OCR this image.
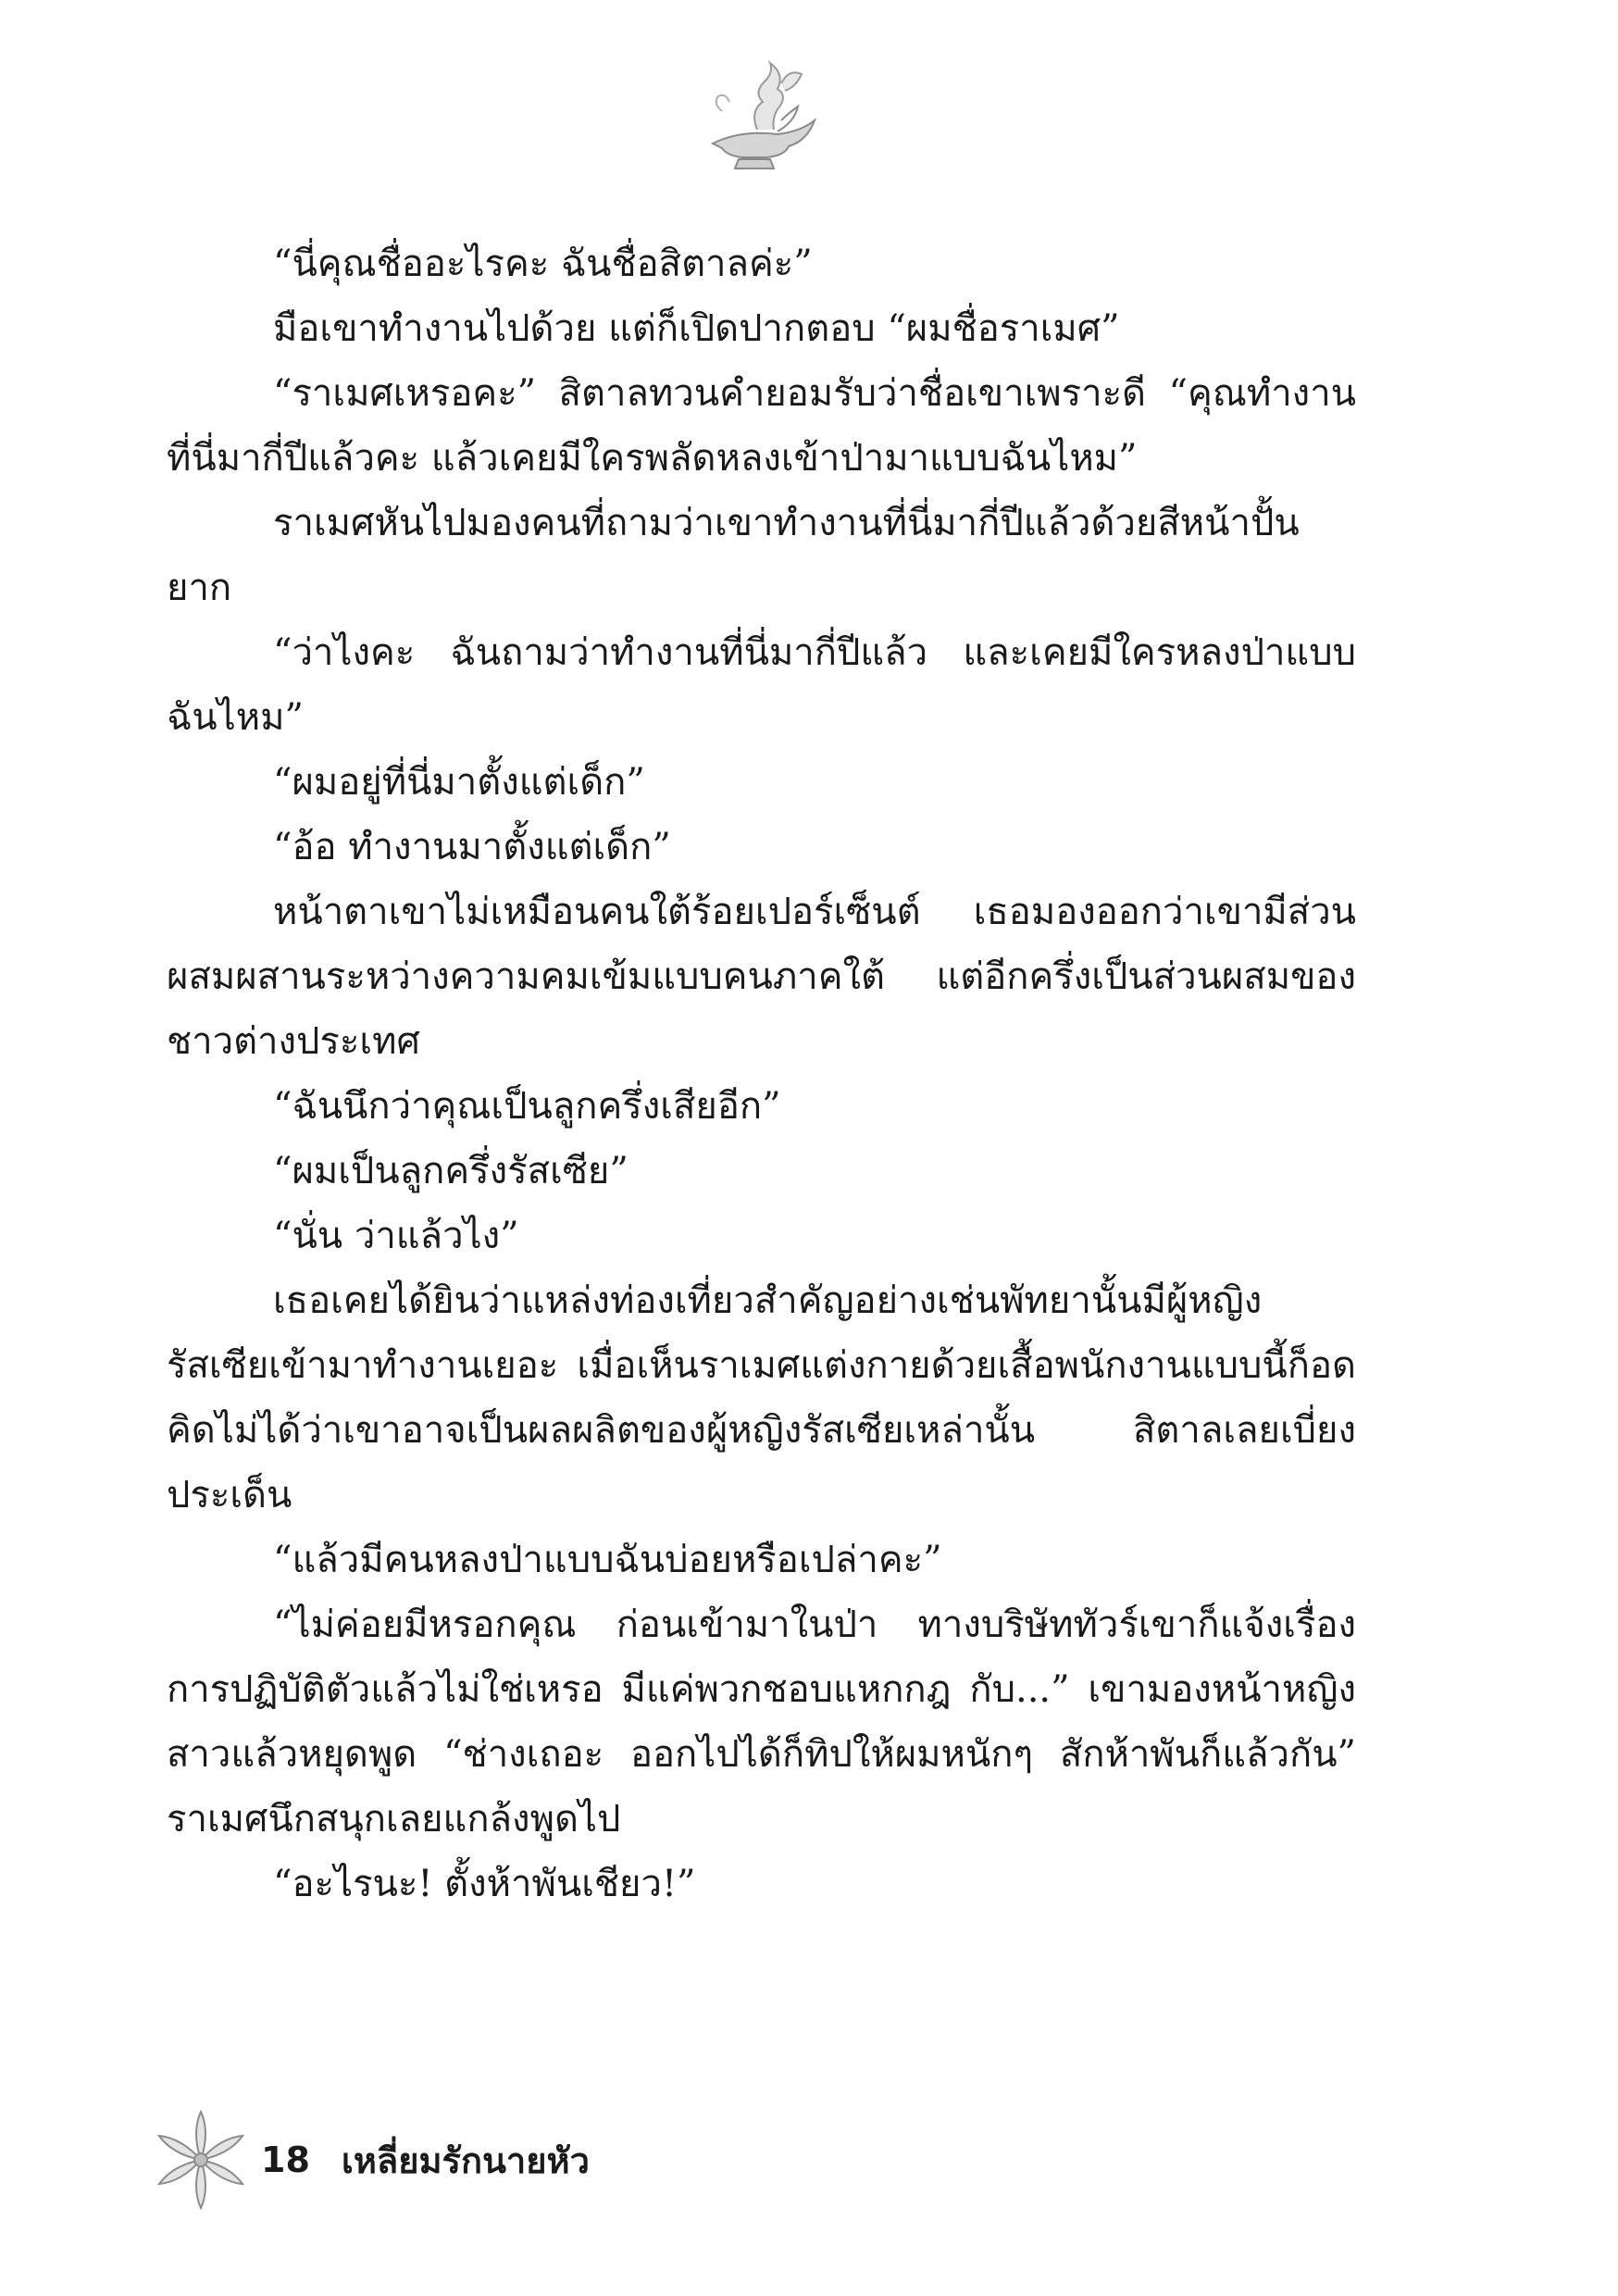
“นี่คุณชื่ออะไรคะ ฉันชื่อสิตาลค่ะ”

มือเขาทำงานไปด้วย แต่ก็เปิดปากตอบ “ผมชื่อราเมศ”

“ราเมศเหรอคะ” สิตาลทวนคำยอมรับว่าชื่อเขาเพราะดี “คุณทำงานที่นี่มากี่ปีแล้วคะ แล้วเคยมีใครพลัดหลงเข้าป่ามาแบบฉันไหม”

ราเมศหันไปมองคนที่ถามว่าเขาทำงานที่นี่มากี่ปีแล้วด้วยสีหน้าปั้นยาก

“ว่าไงคะ ฉันถามว่าทำงานที่นี่มากี่ปีแล้ว และเคยมีใครหลงป่าแบบฉันไหม”

“ผมอยู่ที่นี่มาตั้งแต่เด็ก”

“อ้อ ทำงานมาตั้งแต่เด็ก”

หน้าตาเขาไม่เหมือนคนใต้ร้อยเปอร์เซ็นต์ เธอมองออกว่าเขามีส่วนผสมผสานระหว่างความคมเข้มแบบคนภาคใต้ แต่อีกครึ่งเป็นส่วนผสมของชาวต่างประเทศ

“ฉันนึกว่าคุณเป็นลูกครึ่งเสียอีก”

“ผมเป็นลูกครึ่งรัสเซีย”

“นั่น ว่าแล้วไง”

เธอเคยได้ยินว่าแหล่งท่องเที่ยวสำคัญอย่างเช่นพัทยานั้นมีผู้หญิงรัสเซียเข้ามาทำงานเยอะ เมื่อเห็นราเมศแต่งกายด้วยเสื้อพนักงานแบบนี้ก็อดคิดไม่ได้ว่าเขาอาจเป็นผลผลิตของผู้หญิงรัสเซียเหล่านั้น สิตาลเลยเบี่ยงประเด็น

“แล้วมีคนหลงป่าแบบฉันบ่อยหรือเปล่าคะ”

“ไม่ค่อยมีหรอกคุณ ก่อนเข้ามาในป่า ทางบริษัททัวร์เขาก็แจ้งเรื่องการปฏิบัติตัวแล้วไม่ใช่เหรอ มีแค่พวกชอบแหกกฎ กับ...” เขามองหน้าหญิงสาวแล้วหยุดพูด “ช่างเถอะ ออกไปได้ก็ทิปให้ผมหนักๆ สักห้าพันก็แล้วกัน” ราเมศนึกสนุกเลยแกล้งพูดไป

“อะไรนะ! ตั้งห้าพันเชียว!”

18 เหลี่ยมรักนายหัว
